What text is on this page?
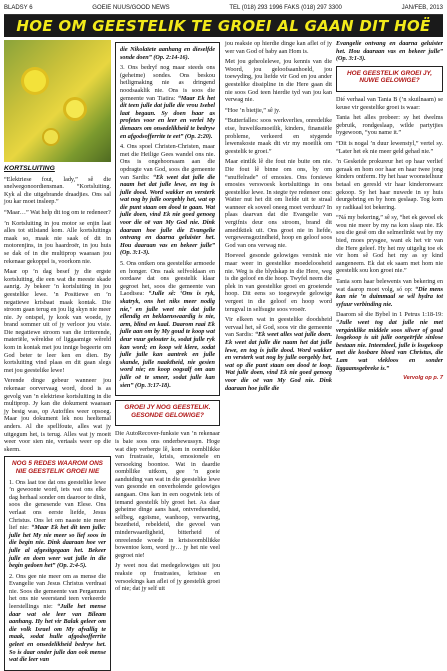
BLADSY 6	GOEIE NUUS/GOOD NEWS	TEL (018) 293 1996 FAKS (018) 297 3300	JAN/FEB, 2013
HOE OM GEESTELIK TE GROEI AL GAAN DIT HOË
KORTSLUITING

“Elektriese fout, lady,” sê die snelwegonoordiensman. “Kortsluiting. Kyk al die uitgebrande draadjies. Ons sal jou kar moet insleep.”

“Maar…” Wat help dit tog om te redeneer?

’n Kortsluiting in jou motor se enjin laat alles tot stilstand kom. Alle kortsluitings maak so, maak nie saak of dit in motorenjins, in jou haardroër, in jou huis se dak of in die multiprop waaraan jou rekenaar gekoppel is, voorkom nie.

Maar op ’n dag besef jy die ergste kortsluiting, die een wat die meeste skade aanrig. Jy bekeer ’n kortsluiting in jou geestelike lewe. ’n Positiewe en ’n negatiewe krisbaat maak kontak. Die stroom gaan terug en jou lig skyn nie meer nie. Jy ontspel, jy kook van woede, jy brand sommer uit of jy verloor jou visie. Die negatiewe stroom van die irriterende, materiële, wêreldse of liggaamige wêreld kom in kontak met jou innige begeerte om God beter te leer ken en dien. By kortsluiting vind plaas en dit gaan slegs met jou geestelike lewe!

Verende dinge gebeur wanneer jou rekenaar oorvervaag word, dood is as gevolg van ’n elektriese kortsluiting in die multiprop. Jy kan die dokument waaraan jy besig was, op Autofiles weer opsoeg. Maar jou dokument lek nou heeltemal anders. Al die spellfoute, alles wat jy uitgegum het, is terug. Alles wat jy moeit weer voor sien nie, vertaals weer op die skerm.

NOG 5 REDES WAAROM ONS NIE GEESTELIK GROEI NIE

1. Ons laat toe dat ons geestelike lewe ’n gewoonte word, iets wat ons elke dag herhaal sonder om daaroor te dink, soos die genesende van Elese. Ons verlaat ons eerste liefde, Jesus Christus. Ons let om naaste nie meer lief nie: “Maar Ek het dit teen julle: julle het My nie meer so lief soos in die begin nie. Dink daaraan hoe ver julle al afgesitgegaan het. Bekeer julle en doen weer wat julle in die begin gedoen het” (Op. 2:4-5).

2. Ons gee nie meer om as mense die Evangelie van Jesus Christus verdraai nie. Soos die gemeente van Pergamum het ons nie weerstand teen verkeerde leerstellings nie: “Julle het mense daar wat ole leer van Bileam aanhang. Hy het vir Balak geleer om die volk Israel om My afvallig te maak, sodat hulle afgodsofferrite geleet en onsedelikheid bedryw het. So is daar onder julle dan ook mense wat die leer van

die Nikolaïete aanhang en dieselfde sonde doen” (Op. 2:14-16).

3. Ons bedryf nog maar steeds ons (geheime) sondes. Ons beskou heiligmaking nie as dringend noodsaaklik nie. Ons is soos die gemeente van Tiatira: “Maar Ek het dit teen julle dat julle die vrou Isebel laat begaan. Sy doen haar as profetes voor en leer en verlei My dienaars om onsedelikheid te bedryw en afgodsofferrite te eet” (Op. 2:20).

4. Ons spoel Christen-Christen, maar met die Heilige Gees wandel ons nie. Ons is ongehoorsaam aan die opdragte van God, soos die gemeente van Sardis: “Ek weet dat julle die naam het dat julle lewe, en tog is julle dood. Word wakker en versterk wat nog by julle oorgebly het, wat op die punt staan om dood te gaan. Wat julle doen, vind Ek nie goed genoeg voor die oë van My God nie. Dink daaraan hoe julle die Evangelie ontvang en daarna geluister het. Hou daaraan vas en bekeer julle” (Op. 3:1-3).

5. Ons ontken ons geestelike armoede en honger. Ons raak selfvoldaan en oordaaw dat ons geestelik klaar gegroei het, soos die gemeente van Laodisea: “Julle sê: ‘Ons is ryk, skatryk, ons het niks meer nodig nie,’ en julle weet nie dat julle ellendig en beklaenswaardig is nie, arm, blind en kaal. Daarom raai Ek julle aan om by My goud te koop wat deur vuur gelouter is, sodat julle ryk kan word; en koop wit klere, sodat julle julle kan aantrek en julle skande, julle naaktheid, nie gesien word nie; en koop oogsalf om aan julle oë te smeer, sodat julle kan sien” (Op. 3:17-18).

GROEI JY NOG GEESTELIK. GESONDE GELOWIGE?

Die AutoRecover-funksie van ’n rekenaar is baie soos ons onderbewussyn. Hoge wat diep verberge lê, kom in oombllikke van frustrasie, krisis, emosionele en versoeking boontoe. Wat in daardie oombllike uitkom, gee ’n goeie aanduiding van wat in die geestelike lewe van gesonde en onverholende gelowiges aangaan. Ons kan in een oogwink iets of iemand geestelik bly groei het. As daar geheime dinge aans haat, ontvreduendid, selfbeg, egoïsme, wanhoop, verwaring, bezetheid, rebeldeid, die gevoel van minderwaardigheid, bitterheid of onreelende woede in krisisoombllikke bowentoe kom, word jy… jy het nie veel gegroei nie!

Jy weet nou dat medegelowiges uit jou reaksie op frustrasies, krisisse en versoekings kan aflei of jy geestelik groei of nie; dat jy self uit

jou reaksie op hierdie dinge kan aflei of jy wer van God of baby aan Hom is.

Met jou geheolelewe, jou kennis van die Woord, jou geloofsaanhoeld, jou toewyding, jou liefde vir God en jou ander geestelike dissipline in die Here gaan dit nie soos God teen hierdie tyd van jou kan verwag nie.

“Hoe ’n bietjie,” sê jy.

“Butterfalles: soos werkverlies, onredelike eise, huweliksmoeilik, kinders, finansiële probleme, verkeerd en stygende lewenskoste maak dit vir my moeilik om geestelik te groei.”

Maar eintlik lê die fout nie buite om nie. Die fout lê binne om ons, by om “snuffelrade” of emosies. Ons forsiewe emosies verswoesk kortsluitings in ons geestelike lewe. In stegte tye redeneer ons: Watter nut het dit om liefde uit te straal wanneer ek soveel oneeg moet verduur? In plaas daarvan dat die Evangelie van vergifnis deur ons stroom, brand dit amediktiek uit. Ons groei nie in liefde, vergewensgezindheid, hoop en geloof soos God van ons verwag nie.

Hoeveel gesonde gelowiges versink nie maar weer in geestelike moedeloosheid nie. Weg is die blydskap in die Here, weg is die geloof en die hoop. Twyfel neem die plek in van geestelike groei en groeiende hoop. Dit eens so toegewyde gelowige vergeet in die geloof en hoop word terugval in selfsugte soos vroeër.

Vir elkeen wat in geestelike doodsheid vervaal het, sê God, soos vir die gemeente van Sardis: “Ek weet alles wat julle doen. Ek weet dat julle die naam het dat julle lewe, en tog is julle dood. Word wakker en versterk wat nog by julle oorgebly het, wat op die punt staan om dood te loop. Wat julle doen, vind Ek nie goed genoeg voor die oë van My God nie. Dink daaraan hoe julle die

Evangelie ontvang en daarna geluister het. Hou daaraan vas en bekeer julle” (Op. 3:1-3).

HOE GEESTELIK GROEI JY, NUWE GELOWIGE?

Dié verhaal van Tania B (’n skuilnaam) se keuse vir geestelike groei is waar:

Tania het alles probeer: sy het dwelms gebruik, rondgeslaap, wilde partytjies bygewoon, “you name it.”

“Dit is nogal ’n duur lewenstyl,” vertel sy. “Later het ek nie meer geld gehad nie.”

’n Geskeide prokureur het op haar verlief geraak en hom oor haar en haar twee jong kinders ontferm. Hy het haar woonstelhuur betaal en geresld vir haar kinderonwarz gekoop. Sy het haar nuwede in sy huis deurgebring en by hom geslaap. Tog kom sy radikaal tot bekering.

“Ná my bekering,” sê sy, “het ek gevoel ek wou nie meer by my na kon slaap nie. Ek sou die gesê om die selmerlinkt wat by my bied, moes prysgee, want ek het vir van die Here geleef. Hy het my uitgelig toe ek vir hom sê God het my as sy kind aangeneem. Ek dat ek saam met hom nie geestelik sou kon groei nie.”

Tania som haar belewenis van bekering en wat daarop moet volg, só op: “Die mens kan nie ’n duimmaal se wil hydra tot syfuur verbinding nie.

Daarom sê die Bybel in 1 Petrus 1:18-19: “Julle weet tog dat julle nie met vergánklike middele soos silwer of goud losgekoop is uit julle oorgeërfde sinlose bestaan nie. Inteendeel, julle is losgekoop met die kosbare bloed van Christus, die Lam wat vlekloos en sonder liggaamsgebreke is.”

Vervolg op p. 7
